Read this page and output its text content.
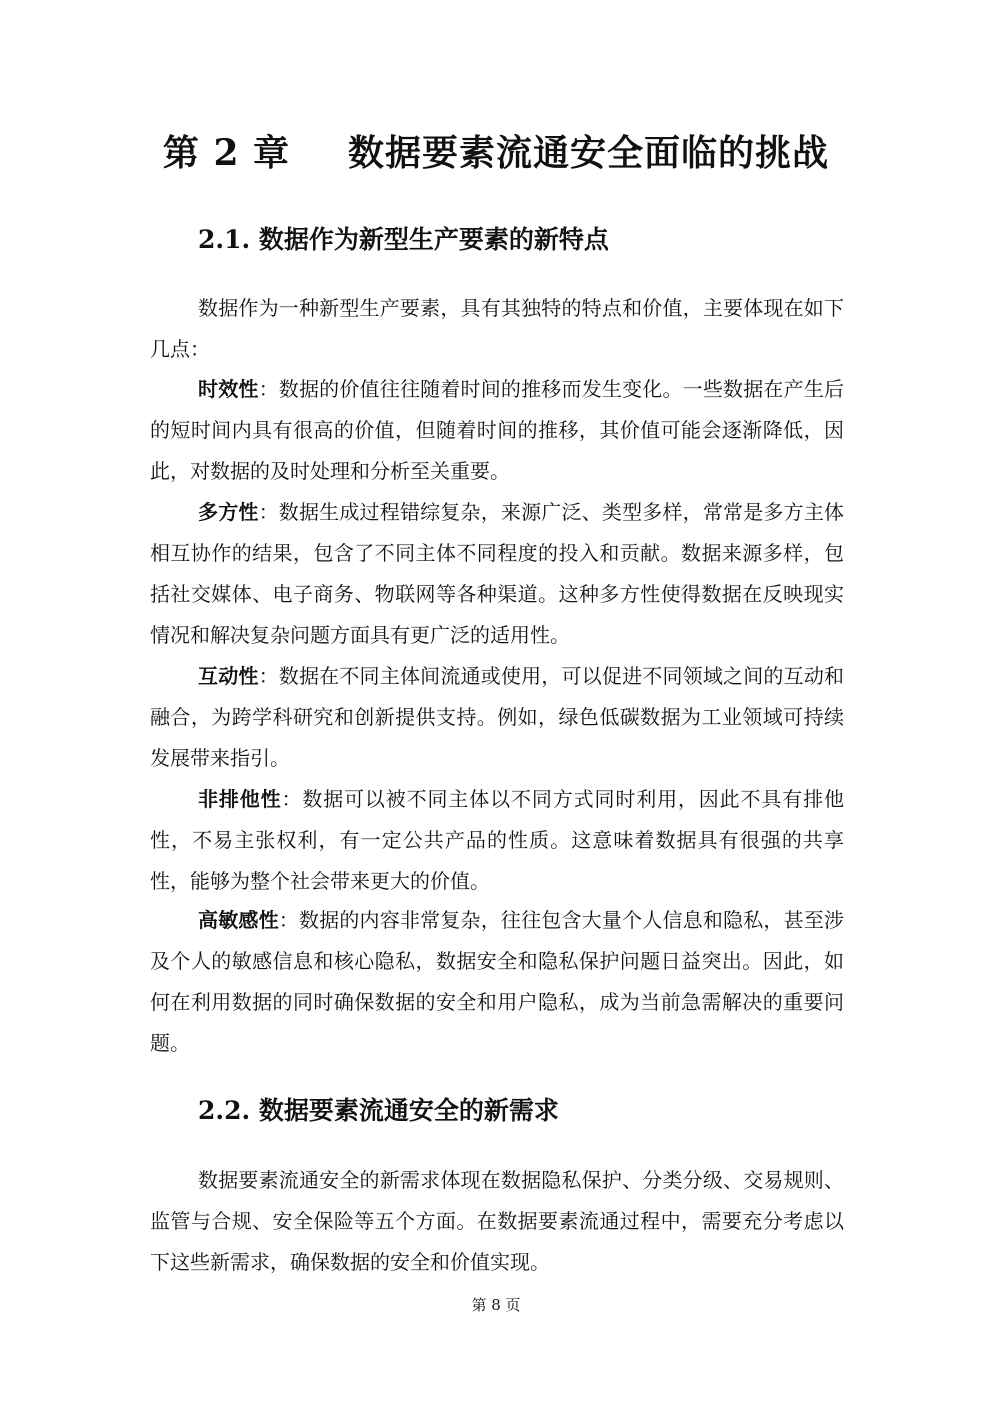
第 2 章 数据要素流通安全面临的挑战
2.1. 数据作为新型生产要素的新特点

数据作为一种新型生产要素，具有其独特的特点和价值，主要体现在如下几点：

时效性：数据的价值往往随着时间的推移而发生变化。一些数据在产生后的短时间内具有很高的价值，但随着时间的推移，其价值可能会逐渐降低，因此，对数据的及时处理和分析至关重要。

多方性：数据生成过程错综复杂，来源广泛、类型多样，常常是多方主体相互协作的结果，包含了不同主体不同程度的投入和贡献。数据来源多样，包括社交媒体、电子商务、物联网等各种渠道。这种多方性使得数据在反映现实情况和解决复杂问题方面具有更广泛的适用性。

互动性：数据在不同主体间流通或使用，可以促进不同领域之间的互动和融合，为跨学科研究和创新提供支持。例如，绿色低碳数据为工业领域可持续发展带来指引。

非排他性：数据可以被不同主体以不同方式同时利用，因此不具有排他性，不易主张权利，有一定公共产品的性质。这意味着数据具有很强的共享性，能够为整个社会带来更大的价值。

高敏感性：数据的内容非常复杂，往往包含大量个人信息和隐私，甚至涉及个人的敏感信息和核心隐私，数据安全和隐私保护问题日益突出。因此，如何在利用数据的同时确保数据的安全和用户隐私，成为当前急需解决的重要问题。

2.2. 数据要素流通安全的新需求

数据要素流通安全的新需求体现在数据隐私保护、分类分级、交易规则、监管与合规、安全保险等五个方面。在数据要素流通过程中，需要充分考虑以下这些新需求，确保数据的安全和价值实现。

第 8 页
